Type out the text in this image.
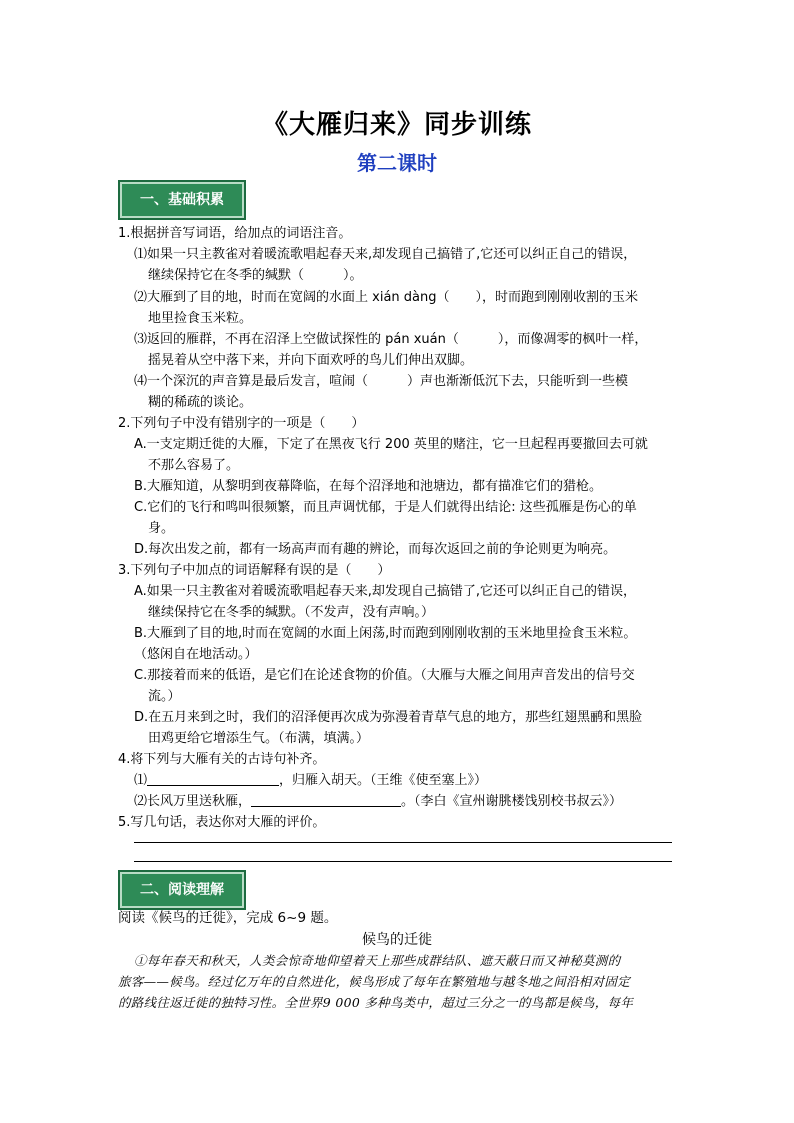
《大雁归来》同步训练
第二课时
一、基础积累
1.根据拼音写词语，给加点的词语注音。
⑴如果一只主教雀对着暖流歌唱起春天来,却发现自己搞错了,它还可以纠正自己的错误，
继续保持它在冬季的缄默（　　　）。
⑵大雁到了目的地，时而在宽阔的水面上 xián dàng（　　），时而跑到刚刚收割的玉米
地里捡食玉米粒。
⑶返回的雁群，不再在沼泽上空做试探性的 pán xuán（　　　），而像凋零的枫叶一样，
摇晃着从空中落下来，并向下面欢呼的鸟儿们伸出双脚。
⑷一个深沉的声音算是最后发言，喧闹（　　　）声也渐渐低沉下去，只能听到一些模
糊的稀疏的谈论。
2.下列句子中没有错别字的一项是（　　）
A.一支定期迁徙的大雁，下定了在黑夜飞行 200 英里的赌注，它一旦起程再要撤回去可就
不那么容易了。
B.大雁知道，从黎明到夜幕降临，在每个沼泽地和池塘边，都有描准它们的猎枪。
C.它们的飞行和鸣叫很频繁，而且声调忧郁，于是人们就得出结论: 这些孤雁是伤心的单
身。
D.每次出发之前，都有一场高声而有趣的辨论，而每次返回之前的争论则更为响亮。
3.下列句子中加点的词语解释有误的是（　　）
A.如果一只主教雀对着暖流歌唱起春天来,却发现自己搞错了,它还可以纠正自己的错误，
继续保持它在冬季的缄默。（不发声，没有声响。）
B.大雁到了目的地,时而在宽阔的水面上闲荡,时而跑到刚刚收割的玉米地里捡食玉米粒。
（悠闲自在地活动。）
C.那接着而来的低语，是它们在论述食物的价值。（大雁与大雁之间用声音发出的信号交
流。）
D.在五月来到之时，我们的沼泽便再次成为弥漫着青草气息的地方，那些红翅黑鹂和黑脸
田鸡更给它增添生气。（布满，填满。）
4.将下列与大雁有关的古诗句补齐。
⑴	，归雁入胡天。（王维《使至塞上》）
⑵长风万里送秋雁，	。（李白《宣州谢朓楼饯别校书叔云》）
5.写几句话，表达你对大雁的评价。
二、阅读理解
阅读《候鸟的迁徙》，完成 6~9 题。
候鸟的迁徙
①每年春天和秋天，人类会惊奇地仰望着天上那些成群结队、遮天蔽日而又神秘莫测的
旅客——候鸟。经过亿万年的自然进化，候鸟形成了每年在繁殖地与越冬地之间沿相对固定
的路线往返迁徙的独特习性。全世界9 000 多种鸟类中，超过三分之一的鸟都是候鸟，每年
